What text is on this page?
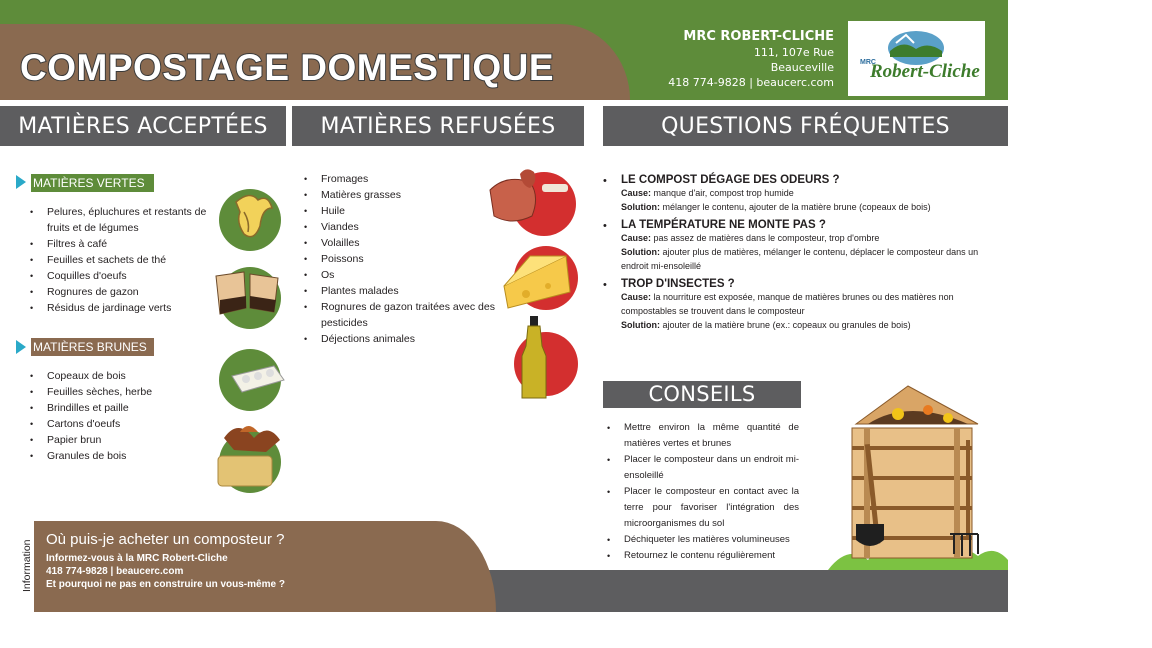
COMPOSTAGE DOMESTIQUE
MRC ROBERT-CLICHE
111, 107e Rue
Beauceville
418 774-9828 | beaucerc.com
MRC
Robert-Cliche
MATIÈRES ACCEPTÉES	MATIÈRES REFUSÉES	QUESTIONS FRÉQUENTES
MATIÈRES VERTES
• Pelures, épluchures et restants de fruits et de légumes
• Filtres à café
• Feuilles et sachets de thé
• Coquilles d'oeufs
• Rognures de gazon
• Résidus de jardinage verts
MATIÈRES BRUNES
• Copeaux de bois
• Feuilles sèches, herbe
• Brindilles et paille
• Cartons d'oeufs
• Papier brun
• Granules de bois
• Fromages
• Matières grasses
• Huile
• Viandes
• Volailles
• Poissons
• Os
• Plantes malades
• Rognures de gazon traitées avec des pesticides
• Déjections animales
• LE COMPOST DÉGAGE DES ODEURS ?
Cause: manque d'air, compost trop humide
Solution: mélanger le contenu, ajouter de la matière brune (copeaux de bois)
• LA TEMPÉRATURE NE MONTE PAS ?
Cause: pas assez de matières dans le composteur, trop d'ombre
Solution: ajouter plus de matières, mélanger le contenu, déplacer le composteur dans un endroit mi-ensoleillé
• TROP D'INSECTES ?
Cause: la nourriture est exposée, manque de matières brunes ou des matières non compostables se trouvent dans le composteur
Solution: ajouter de la matière brune (ex.: copeaux ou granules de bois)
CONSEILS
• Mettre environ la même quantité de matières vertes et brunes
• Placer le composteur dans un endroit mi-ensoleillé
• Placer le composteur en contact avec la terre pour favoriser l'intégration des microorganismes du sol
• Déchiqueter les matières volumineuses
• Retournez le contenu régulièrement
Information Où puis-je acheter un composteur ?
Informez-vous à la MRC Robert-Cliche
418 774-9828 | beaucerc.com
Et pourquoi ne pas en construire un vous-même ?
